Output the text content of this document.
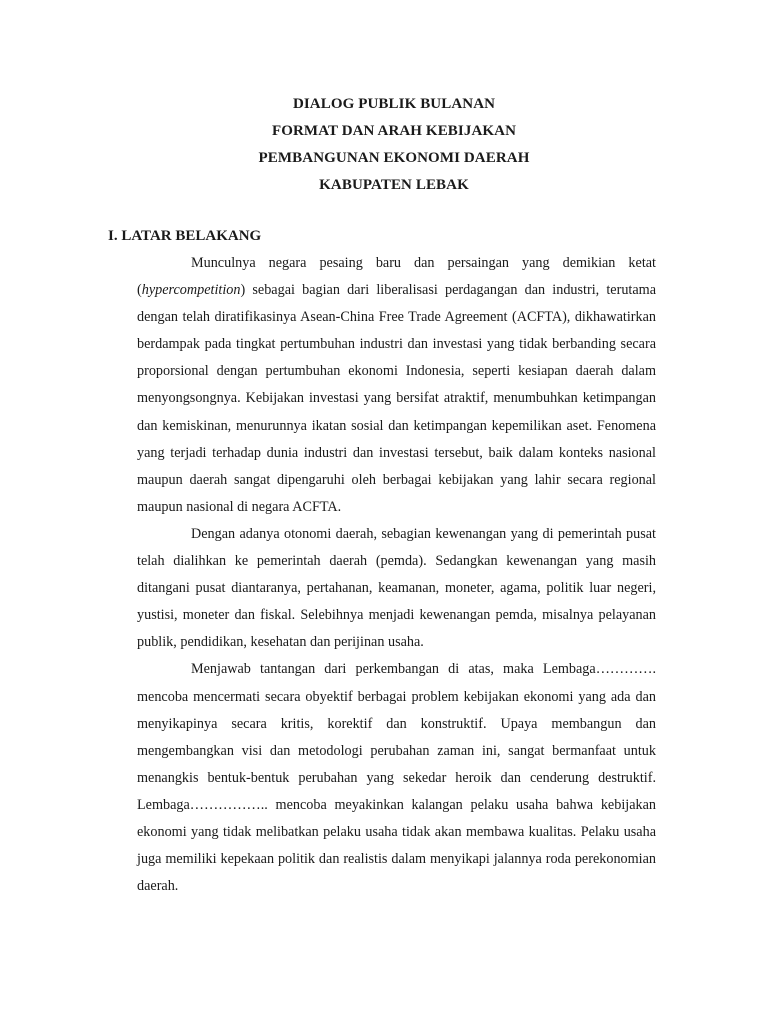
DIALOG PUBLIK BULANAN
FORMAT DAN ARAH KEBIJAKAN
PEMBANGUNAN EKONOMI DAERAH
KABUPATEN LEBAK
I. LATAR BELAKANG

Munculnya negara pesaing baru dan persaingan yang demikian ketat (hypercompetition) sebagai bagian dari liberalisasi perdagangan dan industri, terutama dengan telah diratifikasinya Asean-China Free Trade Agreement (ACFTA), dikhawatirkan berdampak pada tingkat pertumbuhan industri dan investasi yang tidak berbanding secara proporsional dengan pertumbuhan ekonomi Indonesia, seperti kesiapan daerah dalam menyongsongnya. Kebijakan investasi yang bersifat atraktif, menumbuhkan ketimpangan dan kemiskinan, menurunnya ikatan sosial dan ketimpangan kepemilikan aset. Fenomena yang terjadi terhadap dunia industri dan investasi tersebut, baik dalam konteks nasional maupun daerah sangat dipengaruhi oleh berbagai kebijakan yang lahir secara regional maupun nasional di negara ACFTA.

Dengan adanya otonomi daerah, sebagian kewenangan yang di pemerintah pusat telah dialihkan ke pemerintah daerah (pemda). Sedangkan kewenangan yang masih ditangani pusat diantaranya, pertahanan, keamanan, moneter, agama, politik luar negeri, yustisi, moneter dan fiskal. Selebihnya menjadi kewenangan pemda, misalnya pelayanan publik, pendidikan, kesehatan dan perijinan usaha.

Menjawab tantangan dari perkembangan di atas, maka Lembaga…………. mencoba mencermati secara obyektif berbagai problem kebijakan ekonomi yang ada dan menyikapinya secara kritis, korektif dan konstruktif. Upaya membangun dan mengembangkan visi dan metodologi perubahan zaman ini, sangat bermanfaat untuk menangkis bentuk-bentuk perubahan yang sekedar heroik dan cenderung destruktif. Lembaga…………….. mencoba meyakinkan kalangan pelaku usaha bahwa kebijakan ekonomi yang tidak melibatkan pelaku usaha tidak akan membawa kualitas. Pelaku usaha juga memiliki kepekaan politik dan realistis dalam menyikapi jalannya roda perekonomian daerah.
